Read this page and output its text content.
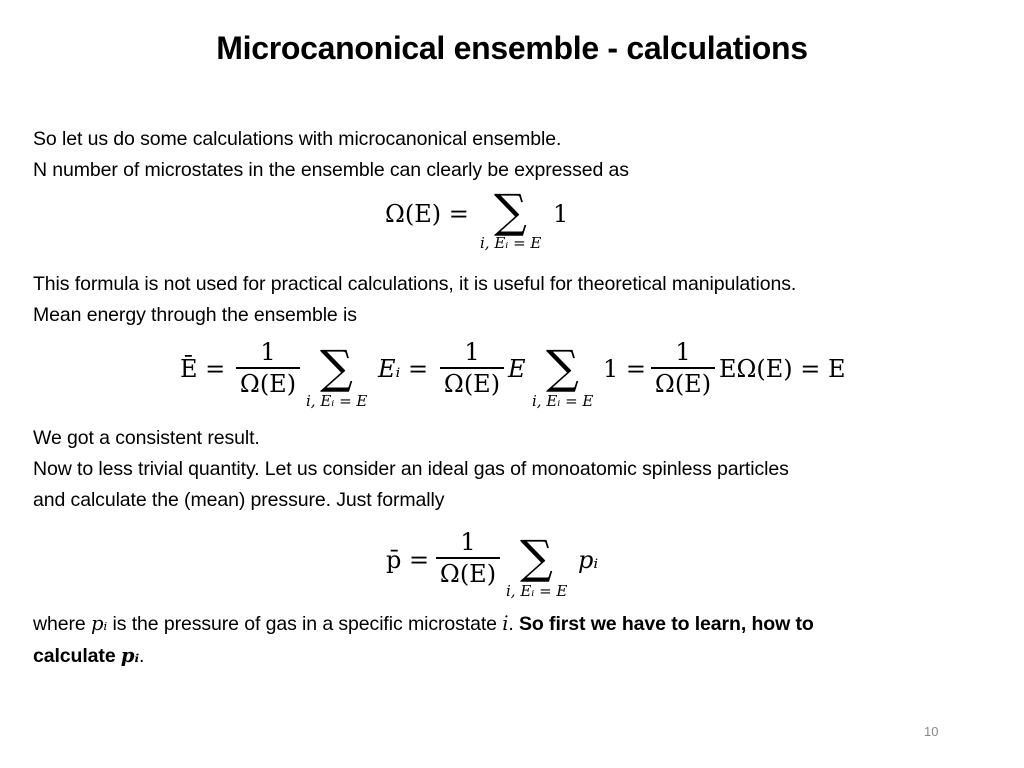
Microcanonical ensemble - calculations

So let us do some calculations with microcanonical ensemble.

N number of microstates in the ensemble can clearly be expressed as

Ω(E) = ∑
i, Eᵢ = E
1

This formula is not used for practical calculations, it is useful for theoretical manipulations.

Mean energy through the ensemble is

Ē =
1
Ω(E) ∑
i, Eᵢ = E
Eᵢ =
1
Ω(E)
E ∑
i, Eᵢ = E
1 =
1
Ω(E)
EΩ(E) = E

We got a consistent result.

Now to less trivial quantity. Let us consider an ideal gas of monoatomic spinless particles

and calculate the (mean) pressure. Just formally

p̄ =
1
Ω(E) ∑
i, Eᵢ = E
pᵢ

where pᵢ is the pressure of gas in a specific microstate i. So first we have to learn, how to

calculate pᵢ.

10
